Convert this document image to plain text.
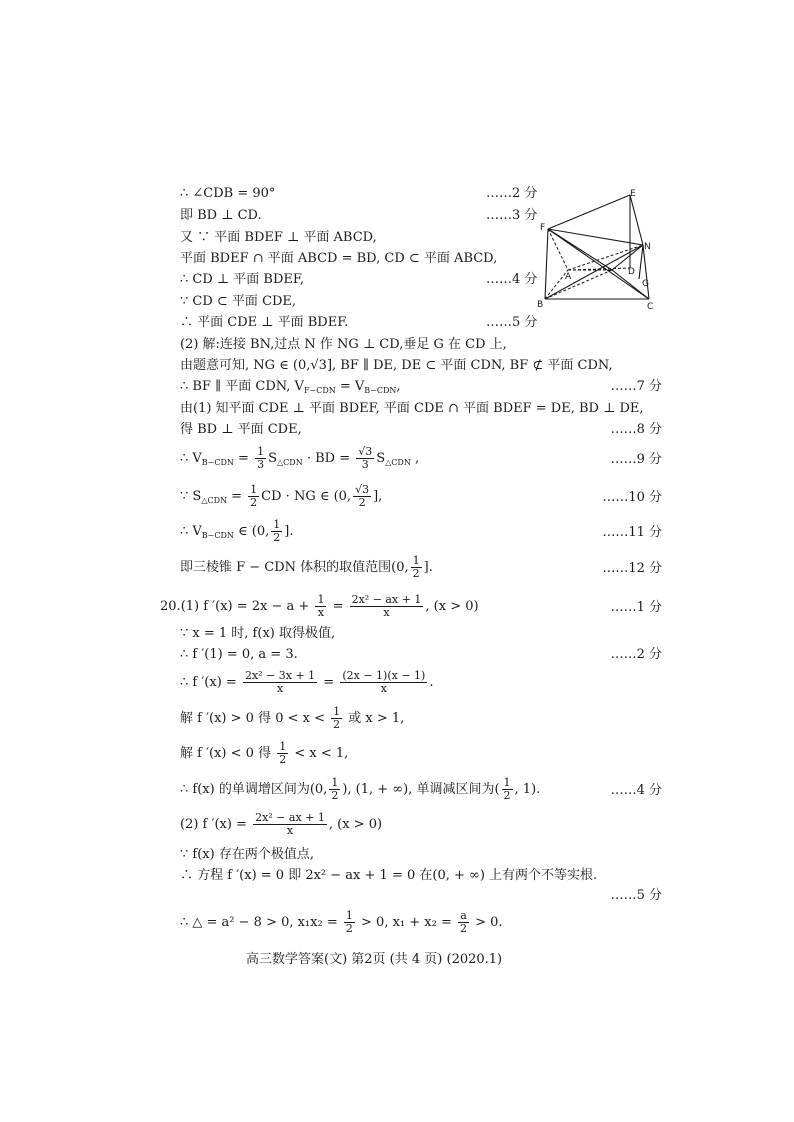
∴ ∠CDB = 90°	……2 分
即 BD ⊥ CD.	……3 分
又 ∵ 平面 BDEF ⊥ 平面 ABCD,
平面 BDEF ∩ 平面 ABCD = BD, CD ⊂ 平面 ABCD,
∴ CD ⊥ 平面 BDEF,	……4 分
∵ CD ⊂ 平面 CDE,
∴ 平面 CDE ⊥ 平面 BDEF.	……5 分
(2) 解:连接 BN,过点 N 作 NG ⊥ CD,垂足 G 在 CD 上,
由题意可知, NG ∈ (0,√3], BF ∥ DE, DE ⊂ 平面 CDN, BF ⊄ 平面 CDN,
∴ BF ∥ 平面 CDN, $V_{F-CDN} = V_{B-CDN}$,	……7 分
由(1) 知平面 CDE ⊥ 平面 BDEF, 平面 CDE ∩ 平面 BDEF = DE, BD ⊥ DE,
得 BD ⊥ 平面 CDE,	……8 分
∴ $V_{B-CDN} = \frac{1}{3} S_{\triangle CDN}$ · BD = $\frac{√3}{3} S_{\triangle CDN}$ ,	……9 分
∵ $S_{\triangle CDN} = \frac{1}{2}$ CD · NG ∈ (0, $\frac{√3}{2}$ ],	……10 分
∴ $V_{B-CDN}$ ∈ (0, $\frac{1}{2}$ ].	……11 分
即三棱锥 F − CDN 体积的取值范围(0, $\frac{1}{2}$ ].	……12 分
20.(1) f $'(x) = 2x - a + \frac{1}{x} = \frac{\text{2x² − ax + 1}}{x}$ , (x > 0)	……1 分
∵ x = 1 时, f(x) 取得极值,
∴ f ′(1) = 0, a = 3.	……2 分
∴ f $'(x) = \frac{\text{2x² − 3x + 1}}{x} = \frac{(2x - 1)(x - 1)}{x}$ .
解 f ′(x) > 0 得 $0 < x < \frac{1}{2}$ 或 x > 1,
解 f ′(x) < 0 得 $\frac{1}{2} < x < 1$,
∴ f(x) 的单调增区间为(0, $\frac{1}{2}$ ), (1, + ∞), 单调减区间为( $\frac{1}{2}$ , 1).	……4 分
(2) f $'(x) = \frac{\text{2x² − ax + 1}}{x}$ , (x > 0)
∵ f(x) 存在两个极值点,
∴ 方程 f ′(x) = 0 即 2x² − ax + 1 = 0 在(0, + ∞) 上有两个不等实根.
……5 分
∴ △ = a² − 8 > 0, $x_1x_2 = \frac{1}{2} > 0$, $x_1 + x_2 = \frac{a}{2} > 0$.
高三数学答案(文) 第2页 (共 4 页) (2020.1)
E
F
N
A	D
G
B	C
